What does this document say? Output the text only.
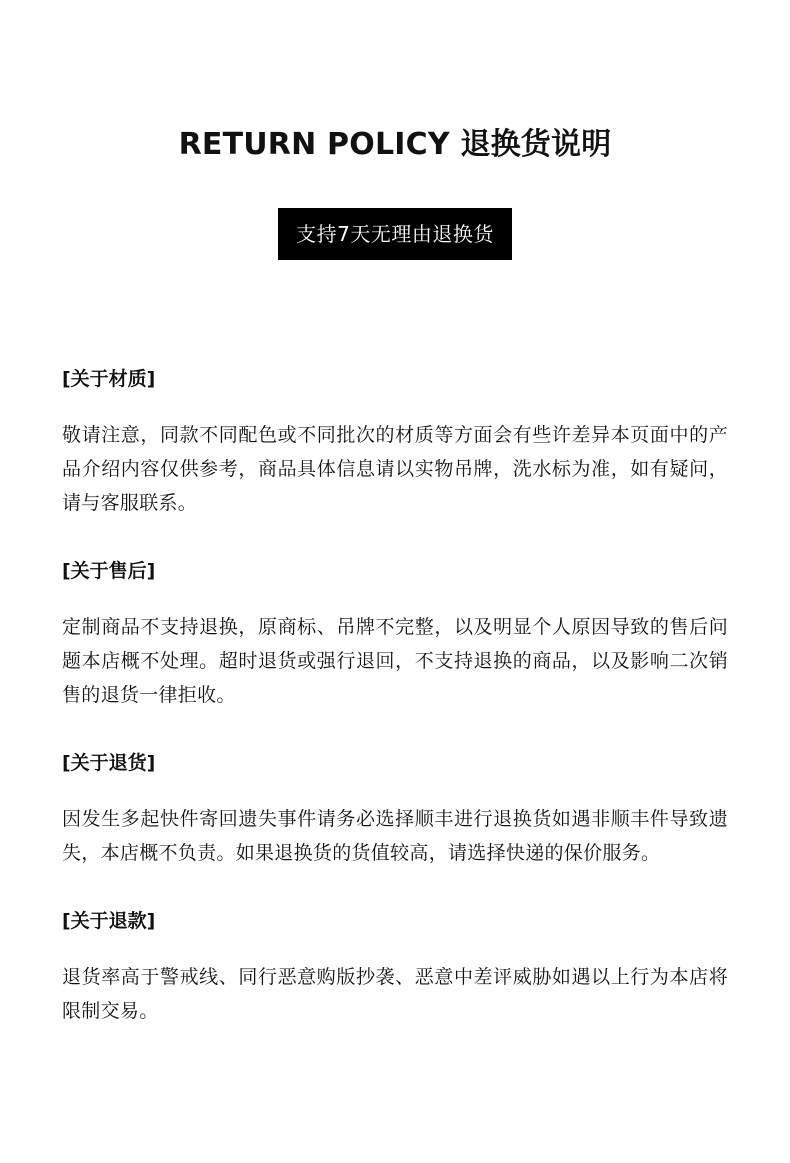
RETURN POLICY 退换货说明
支持7天无理由退换货
[关于材质]

敬请注意，同款不同配色或不同批次的材质等方面会有些许差异本页面中的产品介绍内容仅供参考，商品具体信息请以实物吊牌，洗水标为准，如有疑问，请与客服联系。

[关于售后]

定制商品不支持退换，原商标、吊牌不完整，以及明显个人原因导致的售后问题本店概不处理。超时退货或强行退回，不支持退换的商品，以及影响二次销售的退货一律拒收。

[关于退货]

因发生多起快件寄回遗失事件请务必选择顺丰进行退换货如遇非顺丰件导致遗失，本店概不负责。如果退换货的货值较高，请选择快递的保价服务。

[关于退款]

退货率高于警戒线、同行恶意购版抄袭、恶意中差评威胁如遇以上行为本店将限制交易。
